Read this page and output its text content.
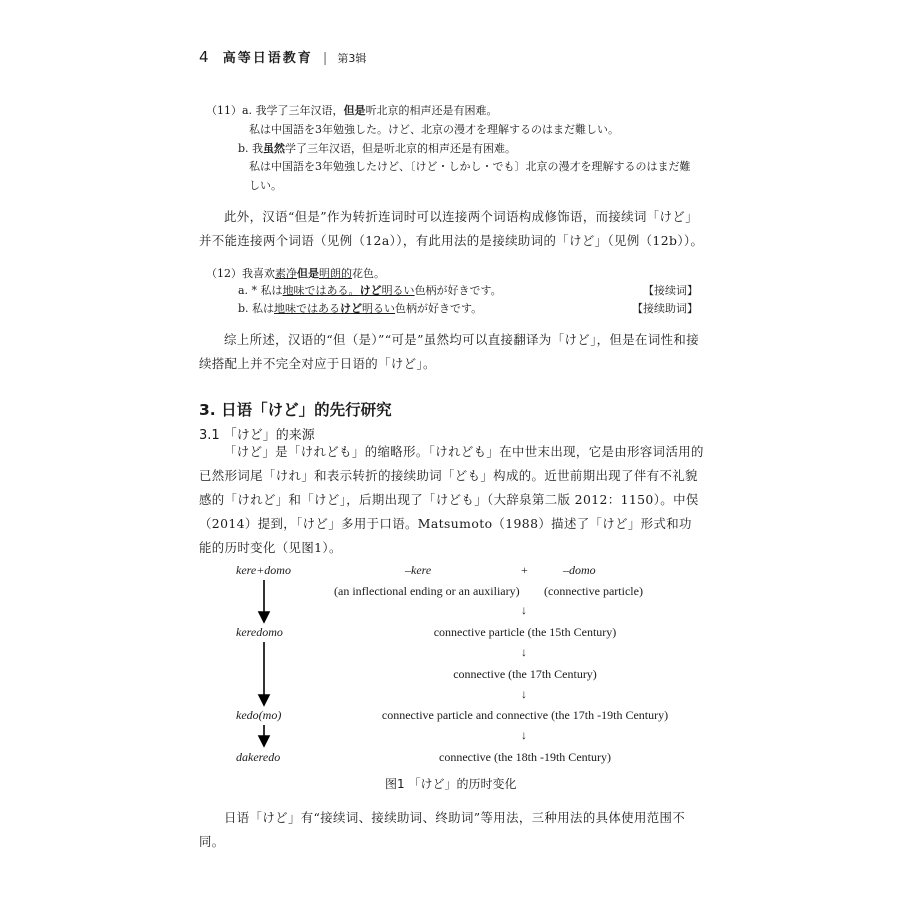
4 高等日语教育 | 第3辑
（11）a. 我学了三年汉语，但是听北京的相声还是有困难。
私は中国語を3年勉強した。けど、北京の漫才を理解するのはまだ難しい。
b. 我虽然学了三年汉语，但是听北京的相声还是有困难。
私は中国語を3年勉強したけど、〔けど・しかし・でも〕北京の漫才を理解するのはまだ難
しい。

此外，汉语“但是”作为转折连词时可以连接两个词语构成修饰语，而接续词「けど」并不能连接两个词语（见例（12a）），有此用法的是接续助词的「けど」（见例（12b））。

（12）我喜欢素净但是明朗的花色。
a. * 私は地味ではある。けど明るい色柄が好きです。	【接续词】
b. 私は地味ではあるけど明るい色柄が好きです。	【接续助词】

综上所述，汉语的“但（是）”“可是”虽然均可以直接翻译为「けど」，但是在词性和接续搭配上并不完全对应于日语的「けど」。

3. 日语「けど」的先行研究
3.1 「けど」的来源

「けど」是「けれども」的缩略形。「けれども」在中世末出现，它是由形容词活用的已然形词尾「けれ」和表示转折的接续助词「ども」构成的。近世前期出现了伴有不礼貌感的「けれど」和「けど」，后期出现了「けども」（大辞泉第二版 2012：1150）。中俣（2014）提到，「けど」多用于口语。Matsumoto（1988）描述了「けど」形式和功能的历时变化（见图1）。

kere+domo
keredomo
kedo(mo)
dakeredo
–kere	+	–domo
(an inflectional ending or an auxiliary) (connective particle)
↓
connective particle (the 15th Century)
↓
connective (the 17th Century)
↓
connective particle and connective (the 17th -19th Century)
↓
connective (the 18th -19th Century)
图1 「けど」的历时变化

日语「けど」有“接续词、接续助词、终助词”等用法，三种用法的具体使用范围不同。
